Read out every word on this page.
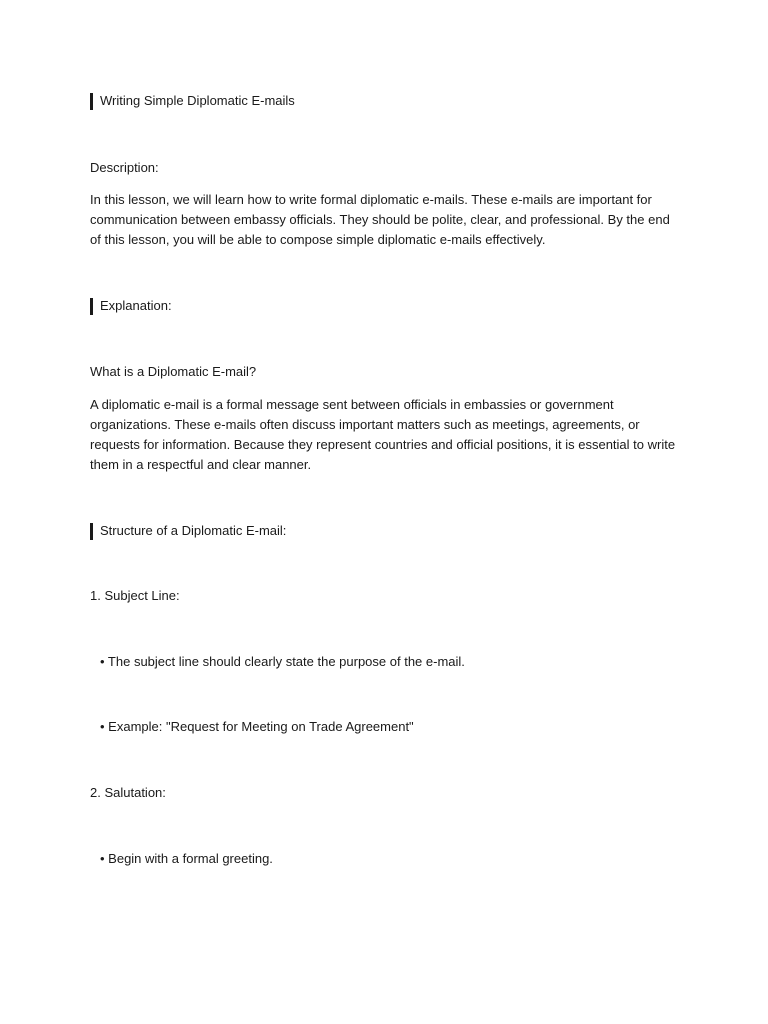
Writing Simple Diplomatic E-mails

Description:

In this lesson, we will learn how to write formal diplomatic e-mails. These e-mails are important for communication between embassy officials. They should be polite, clear, and professional. By the end of this lesson, you will be able to compose simple diplomatic e-mails effectively.

Explanation:

What is a Diplomatic E-mail?

A diplomatic e-mail is a formal message sent between officials in embassies or government organizations. These e-mails often discuss important matters such as meetings, agreements, or requests for information. Because they represent countries and official positions, it is essential to write them in a respectful and clear manner.

Structure of a Diplomatic E-mail:

1. Subject Line:

• The subject line should clearly state the purpose of the e-mail.

• Example: "Request for Meeting on Trade Agreement"

2. Salutation:

• Begin with a formal greeting.
